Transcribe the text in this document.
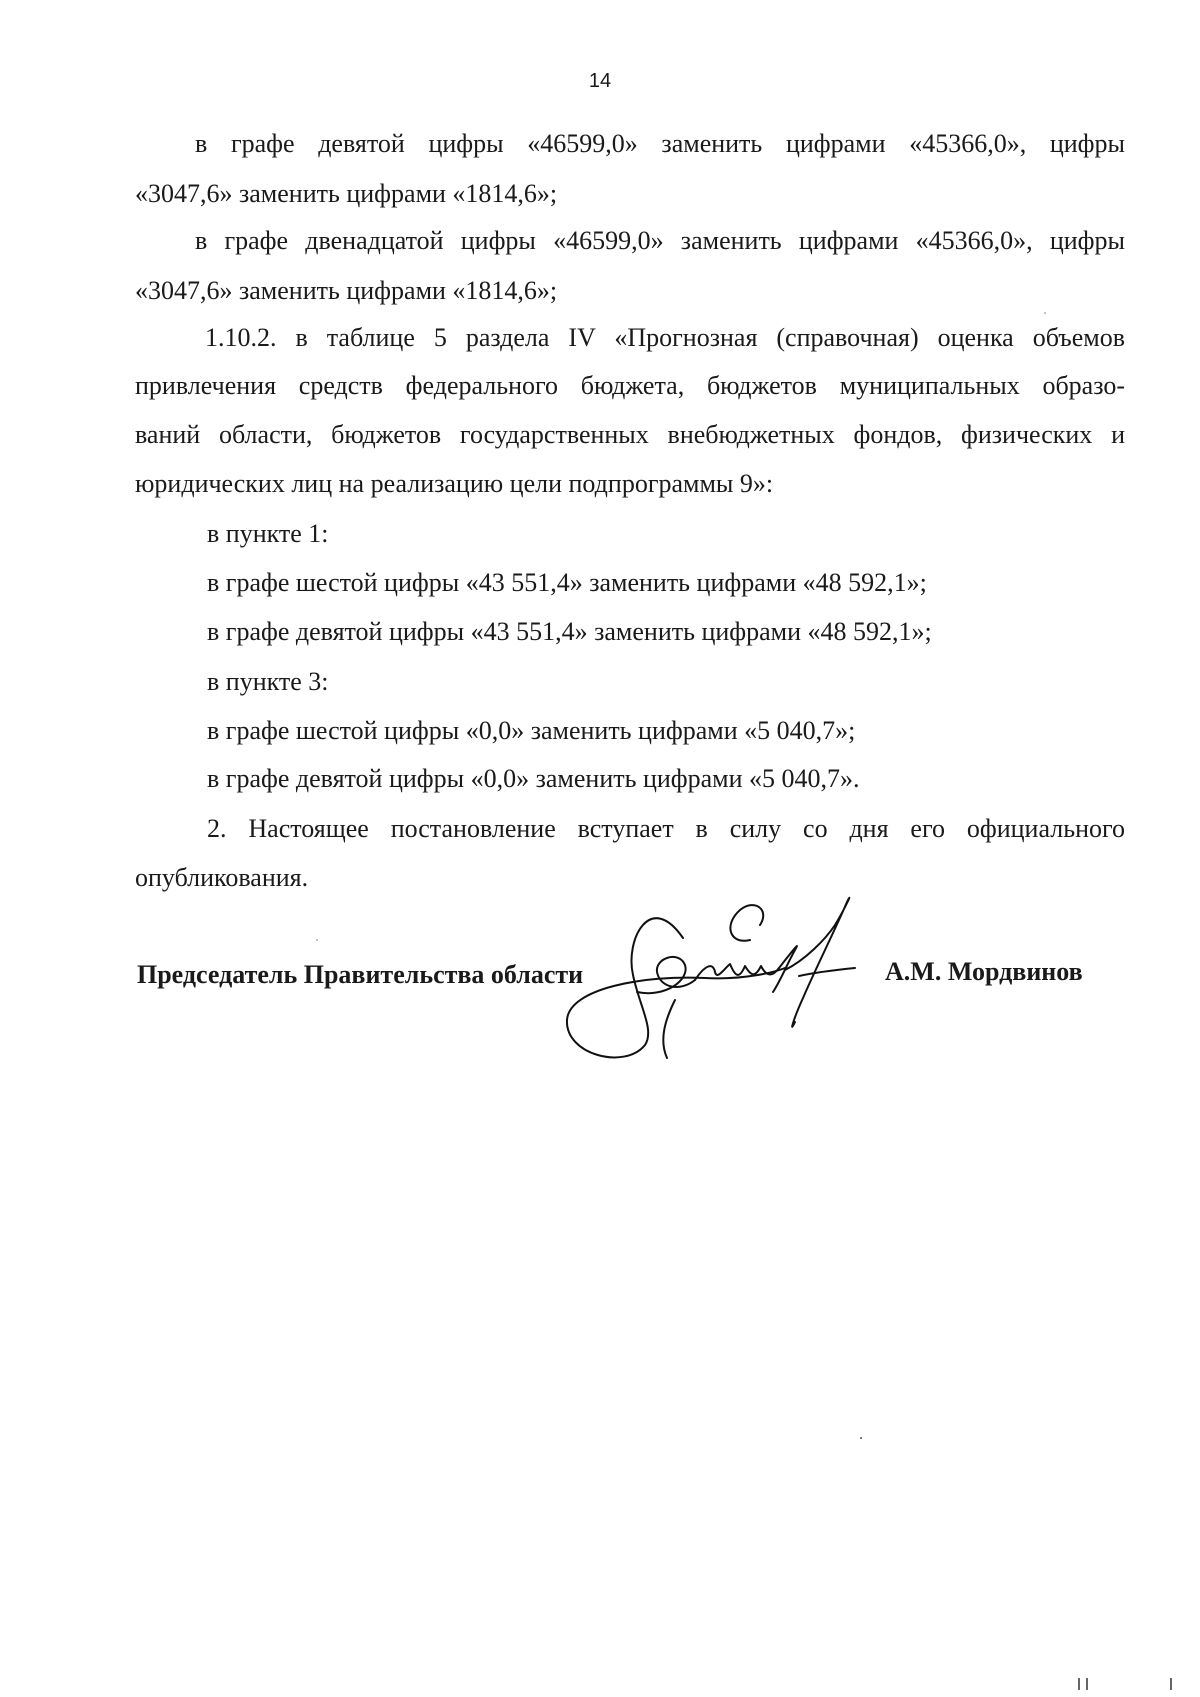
14
в графе девятой цифры «46599,0» заменить цифрами «45366,0», цифры
«3047,6» заменить цифрами «1814,6»;
в графе двенадцатой цифры «46599,0» заменить цифрами «45366,0», цифры
«3047,6» заменить цифрами «1814,6»;
1.10.2. в таблице 5 раздела IV «Прогнозная (справочная) оценка объемов
привлечения средств федерального бюджета, бюджетов муниципальных образо-
ваний области, бюджетов государственных внебюджетных фондов, физических и
юридических лиц на реализацию цели подпрограммы 9»:
в пункте 1:
в графе шестой цифры «43 551,4» заменить цифрами «48 592,1»;
в графе девятой цифры «43 551,4» заменить цифрами «48 592,1»;
в пункте 3:
в графе шестой цифры «0,0» заменить цифрами «5 040,7»;
в графе девятой цифры «0,0» заменить цифрами «5 040,7».
2. Настоящее постановление вступает в силу со дня его официального
опубликования.
Председатель Правительства области	А.М. Мордвинов
